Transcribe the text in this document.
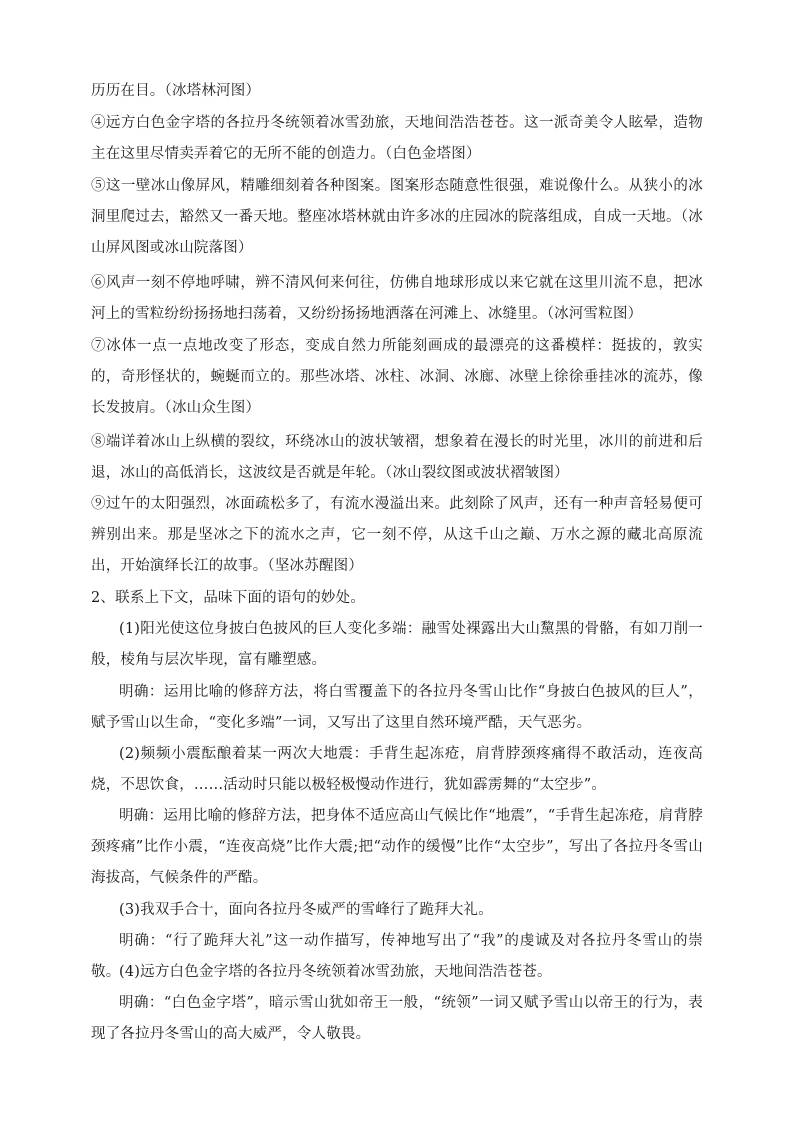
历历在目。（冰塔林河图）
④远方白色金字塔的各拉丹冬统领着冰雪劲旅，天地间浩浩苍苍。这一派奇美令人眩晕，造物主在这里尽情卖弄着它的无所不能的创造力。（白色金塔图）
⑤这一壁冰山像屏风，精雕细刻着各种图案。图案形态随意性很强，难说像什么。从狭小的冰洞里爬过去，豁然又一番天地。整座冰塔林就由许多冰的庄园冰的院落组成，自成一天地。（冰山屏风图或冰山院落图）
⑥风声一刻不停地呼啸，辨不清风何来何往，仿佛自地球形成以来它就在这里川流不息，把冰河上的雪粒纷纷扬扬地扫荡着，又纷纷扬扬地洒落在河滩上、冰缝里。（冰河雪粒图）
⑦冰体一点一点地改变了形态，变成自然力所能刻画成的最漂亮的这番模样：挺拔的，敦实的，奇形怪状的，蜿蜒而立的。那些冰塔、冰柱、冰洞、冰廊、冰壁上徐徐垂挂冰的流苏，像长发披肩。（冰山众生图）
⑧端详着冰山上纵横的裂纹，环绕冰山的波状皱褶，想象着在漫长的时光里，冰川的前进和后退，冰山的高低消长，这波纹是否就是年轮。（冰山裂纹图或波状褶皱图）
⑨过午的太阳强烈，冰面疏松多了，有流水漫溢出来。此刻除了风声，还有一种声音轻易便可辨别出来。那是坚冰之下的流水之声，它一刻不停，从这千山之巅、万水之源的藏北高原流出，开始演绎长江的故事。（坚冰苏醒图）
2、联系上下文，品味下面的语句的妙处。
(1)阳光使这位身披白色披风的巨人变化多端：融雪处裸露出大山黧黑的骨骼，有如刀削一般，棱角与层次毕现，富有雕塑感。
明确：运用比喻的修辞方法，将白雪覆盖下的各拉丹冬雪山比作“身披白色披风的巨人”，赋予雪山以生命，“变化多端”一词，又写出了这里自然环境严酷，天气恶劣。
(2)频频小震酝酿着某一两次大地震：手背生起冻疮，肩背脖颈疼痛得不敢活动，连夜高烧，不思饮食，……活动时只能以极轻极慢动作进行，犹如霹雳舞的“太空步”。
明确：运用比喻的修辞方法，把身体不适应高山气候比作“地震”，“手背生起冻疮，肩背脖颈疼痛”比作小震，“连夜高烧”比作大震;把“动作的缓慢”比作“太空步”，写出了各拉丹冬雪山海拔高，气候条件的严酷。
(3)我双手合十，面向各拉丹冬威严的雪峰行了跪拜大礼。
明确：“行了跪拜大礼”这一动作描写，传神地写出了“我”的虔诚及对各拉丹冬雪山的崇敬。
(4)远方白色金字塔的各拉丹冬统领着冰雪劲旅，天地间浩浩苍苍。
明确：“白色金字塔”，暗示雪山犹如帝王一般，“统领”一词又赋予雪山以帝王的行为，表现了各拉丹冬雪山的高大威严，令人敬畏。
